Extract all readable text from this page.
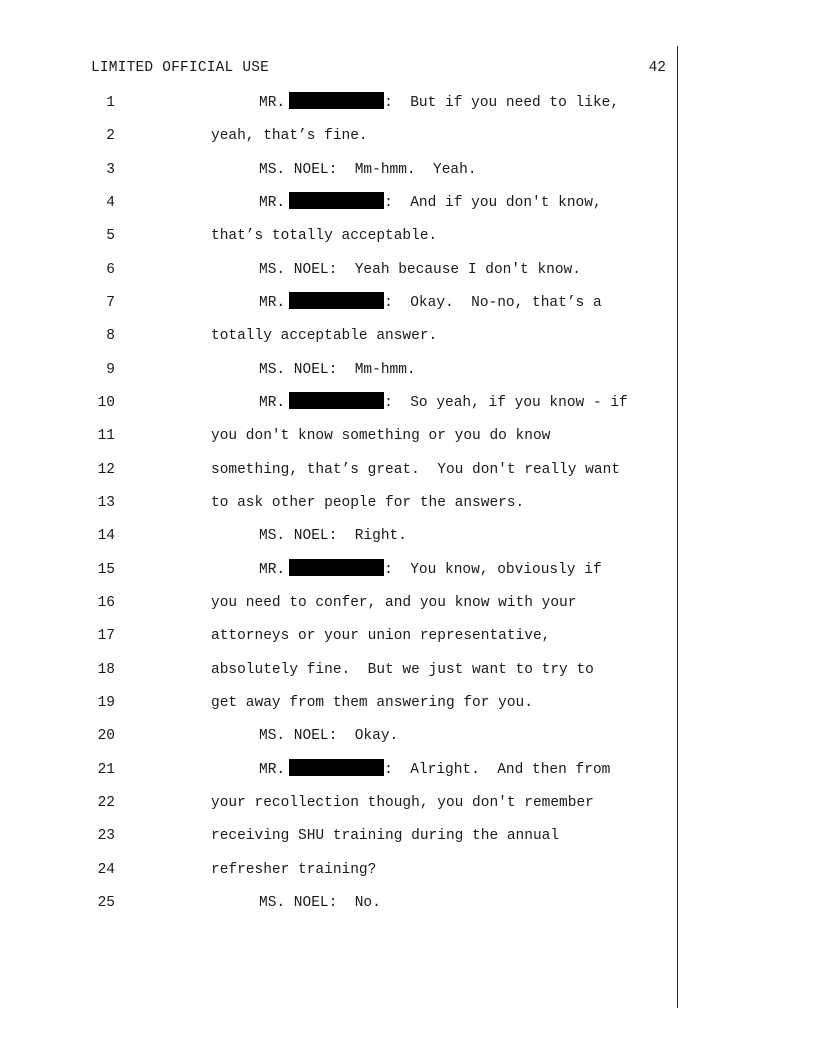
LIMITED OFFICIAL USE	42
1	MR.	:  But if you need to like,
2	yeah, that’s fine.
3	MS. NOEL:  Mm-hmm.  Yeah.
4	MR.	:  And if you don't know,
5	that’s totally acceptable.
6	MS. NOEL:  Yeah because I don't know.
7	MR.	:  Okay.  No-no, that’s a
8	totally acceptable answer.
9	MS. NOEL:  Mm-hmm.
10	MR.	:  So yeah, if you know - if
11	you don't know something or you do know
12	something, that’s great.  You don't really want
13	to ask other people for the answers.
14	MS. NOEL:  Right.
15	MR.	:  You know, obviously if
16	you need to confer, and you know with your
17	attorneys or your union representative,
18	absolutely fine.  But we just want to try to
19	get away from them answering for you.
20	MS. NOEL:  Okay.
21	MR.	:  Alright.  And then from
22	your recollection though, you don't remember
23	receiving SHU training during the annual
24	refresher training?
25	MS. NOEL:  No.
